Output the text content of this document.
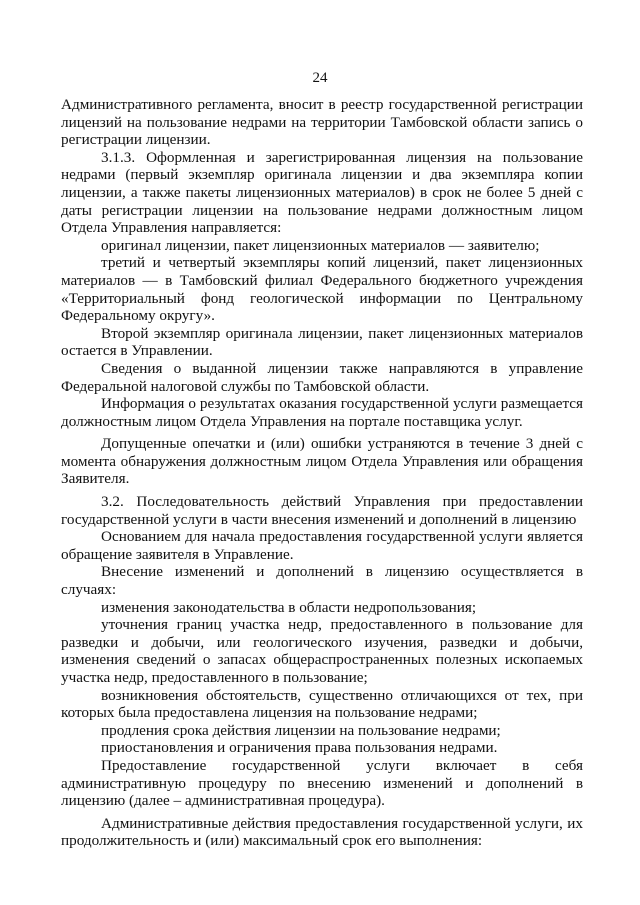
24

Административного регламента, вносит в реестр государственной регистрации лицензий на пользование недрами на территории Тамбовской области запись о регистрации лицензии.

3.1.3. Оформленная и зарегистрированная лицензия на пользование недрами (первый экземпляр оригинала лицензии и два экземпляра копии лицензии, а также пакеты лицензионных материалов) в срок не более 5 дней с даты регистрации лицензии на пользование недрами должностным лицом Отдела Управления направляется:

оригинал лицензии, пакет лицензионных материалов — заявителю;

третий и четвертый экземпляры копий лицензий, пакет лицензионных материалов — в Тамбовский филиал Федерального бюджетного учреждения «Территориальный фонд геологической информации по Центральному Федеральному округу».

Второй экземпляр оригинала лицензии, пакет лицензионных материалов остается в Управлении.

Сведения о выданной лицензии также направляются в управление Федеральной налоговой службы по Тамбовской области.

Информация о результатах оказания государственной услуги размещается должностным лицом Отдела Управления на портале поставщика услуг.

Допущенные опечатки и (или) ошибки устраняются в течение 3 дней с момента обнаружения должностным лицом Отдела Управления или обращения Заявителя.

3.2. Последовательность действий Управления при предоставлении государственной услуги в части внесения изменений и дополнений в лицензию

Основанием для начала предоставления государственной услуги является обращение заявителя в Управление.

Внесение изменений и дополнений в лицензию осуществляется в случаях:

изменения законодательства в области недропользования;

уточнения границ участка недр, предоставленного в пользование для разведки и добычи, или геологического изучения, разведки и добычи, изменения сведений о запасах общераспространенных полезных ископаемых участка недр, предоставленного в пользование;

возникновения обстоятельств, существенно отличающихся от тех, при которых была предоставлена лицензия на пользование недрами;

продления срока действия лицензии на пользование недрами;

приостановления и ограничения права пользования недрами.

Предоставление государственной услуги включает в себя административную процедуру по внесению изменений и дополнений в лицензию (далее – административная процедура).

Административные действия предоставления государственной услуги, их продолжительность и (или) максимальный срок его выполнения:
